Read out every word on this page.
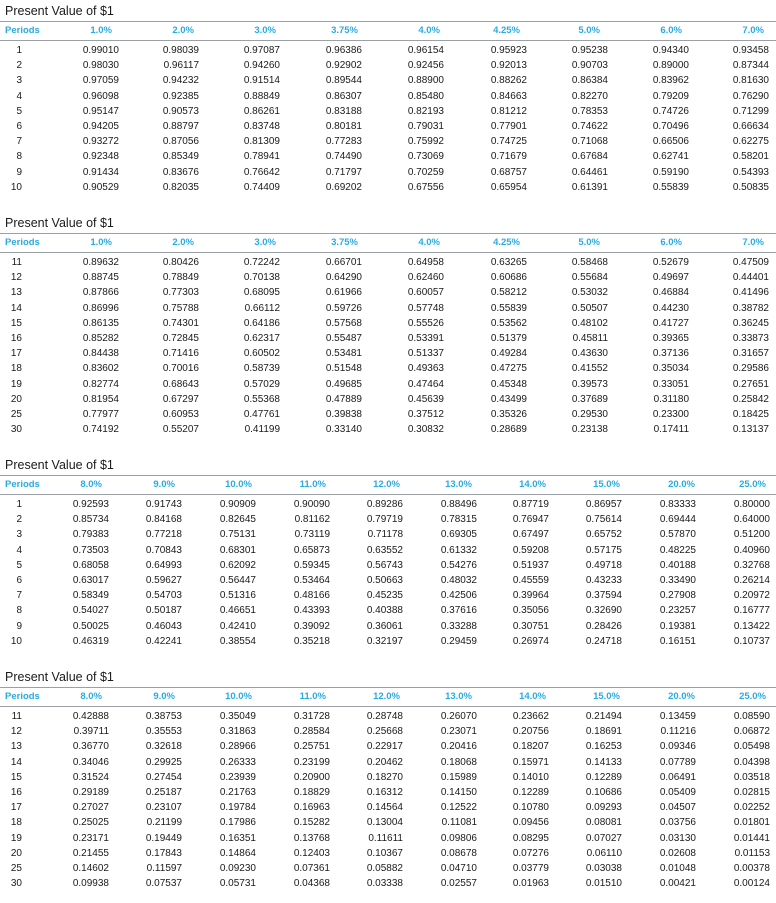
Present Value of $1
Periods	1.0%	2.0%	3.0%	3.75%	4.0%	4.25%	5.0%	6.0%	7.0%
1	0.99010	0.98039	0.97087	0.96386	0.96154	0.95923	0.95238	0.94340	0.93458
2	0.98030	0.96117	0.94260	0.92902	0.92456	0.92013	0.90703	0.89000	0.87344
3	0.97059	0.94232	0.91514	0.89544	0.88900	0.88262	0.86384	0.83962	0.81630
4	0.96098	0.92385	0.88849	0.86307	0.85480	0.84663	0.82270	0.79209	0.76290
5	0.95147	0.90573	0.86261	0.83188	0.82193	0.81212	0.78353	0.74726	0.71299
6	0.94205	0.88797	0.83748	0.80181	0.79031	0.77901	0.74622	0.70496	0.66634
7	0.93272	0.87056	0.81309	0.77283	0.75992	0.74725	0.71068	0.66506	0.62275
8	0.92348	0.85349	0.78941	0.74490	0.73069	0.71679	0.67684	0.62741	0.58201
9	0.91434	0.83676	0.76642	0.71797	0.70259	0.68757	0.64461	0.59190	0.54393
10	0.90529	0.82035	0.74409	0.69202	0.67556	0.65954	0.61391	0.55839	0.50835
Present Value of $1
Periods	1.0%	2.0%	3.0%	3.75%	4.0%	4.25%	5.0%	6.0%	7.0%
11	0.89632	0.80426	0.72242	0.66701	0.64958	0.63265	0.58468	0.52679	0.47509
12	0.88745	0.78849	0.70138	0.64290	0.62460	0.60686	0.55684	0.49697	0.44401
13	0.87866	0.77303	0.68095	0.61966	0.60057	0.58212	0.53032	0.46884	0.41496
14	0.86996	0.75788	0.66112	0.59726	0.57748	0.55839	0.50507	0.44230	0.38782
15	0.86135	0.74301	0.64186	0.57568	0.55526	0.53562	0.48102	0.41727	0.36245
16	0.85282	0.72845	0.62317	0.55487	0.53391	0.51379	0.45811	0.39365	0.33873
17	0.84438	0.71416	0.60502	0.53481	0.51337	0.49284	0.43630	0.37136	0.31657
18	0.83602	0.70016	0.58739	0.51548	0.49363	0.47275	0.41552	0.35034	0.29586
19	0.82774	0.68643	0.57029	0.49685	0.47464	0.45348	0.39573	0.33051	0.27651
20	0.81954	0.67297	0.55368	0.47889	0.45639	0.43499	0.37689	0.31180	0.25842
25	0.77977	0.60953	0.47761	0.39838	0.37512	0.35326	0.29530	0.23300	0.18425
30	0.74192	0.55207	0.41199	0.33140	0.30832	0.28689	0.23138	0.17411	0.13137
Present Value of $1
Periods	8.0%	9.0%	10.0%	11.0%	12.0%	13.0%	14.0%	15.0%	20.0%	25.0%
1	0.92593	0.91743	0.90909	0.90090	0.89286	0.88496	0.87719	0.86957	0.83333	0.80000
2	0.85734	0.84168	0.82645	0.81162	0.79719	0.78315	0.76947	0.75614	0.69444	0.64000
3	0.79383	0.77218	0.75131	0.73119	0.71178	0.69305	0.67497	0.65752	0.57870	0.51200
4	0.73503	0.70843	0.68301	0.65873	0.63552	0.61332	0.59208	0.57175	0.48225	0.40960
5	0.68058	0.64993	0.62092	0.59345	0.56743	0.54276	0.51937	0.49718	0.40188	0.32768
6	0.63017	0.59627	0.56447	0.53464	0.50663	0.48032	0.45559	0.43233	0.33490	0.26214
7	0.58349	0.54703	0.51316	0.48166	0.45235	0.42506	0.39964	0.37594	0.27908	0.20972
8	0.54027	0.50187	0.46651	0.43393	0.40388	0.37616	0.35056	0.32690	0.23257	0.16777
9	0.50025	0.46043	0.42410	0.39092	0.36061	0.33288	0.30751	0.28426	0.19381	0.13422
10	0.46319	0.42241	0.38554	0.35218	0.32197	0.29459	0.26974	0.24718	0.16151	0.10737
Present Value of $1
Periods	8.0%	9.0%	10.0%	11.0%	12.0%	13.0%	14.0%	15.0%	20.0%	25.0%
11	0.42888	0.38753	0.35049	0.31728	0.28748	0.26070	0.23662	0.21494	0.13459	0.08590
12	0.39711	0.35553	0.31863	0.28584	0.25668	0.23071	0.20756	0.18691	0.11216	0.06872
13	0.36770	0.32618	0.28966	0.25751	0.22917	0.20416	0.18207	0.16253	0.09346	0.05498
14	0.34046	0.29925	0.26333	0.23199	0.20462	0.18068	0.15971	0.14133	0.07789	0.04398
15	0.31524	0.27454	0.23939	0.20900	0.18270	0.15989	0.14010	0.12289	0.06491	0.03518
16	0.29189	0.25187	0.21763	0.18829	0.16312	0.14150	0.12289	0.10686	0.05409	0.02815
17	0.27027	0.23107	0.19784	0.16963	0.14564	0.12522	0.10780	0.09293	0.04507	0.02252
18	0.25025	0.21199	0.17986	0.15282	0.13004	0.11081	0.09456	0.08081	0.03756	0.01801
19	0.23171	0.19449	0.16351	0.13768	0.11611	0.09806	0.08295	0.07027	0.03130	0.01441
20	0.21455	0.17843	0.14864	0.12403	0.10367	0.08678	0.07276	0.06110	0.02608	0.01153
25	0.14602	0.11597	0.09230	0.07361	0.05882	0.04710	0.03779	0.03038	0.01048	0.00378
30	0.09938	0.07537	0.05731	0.04368	0.03338	0.02557	0.01963	0.01510	0.00421	0.00124
